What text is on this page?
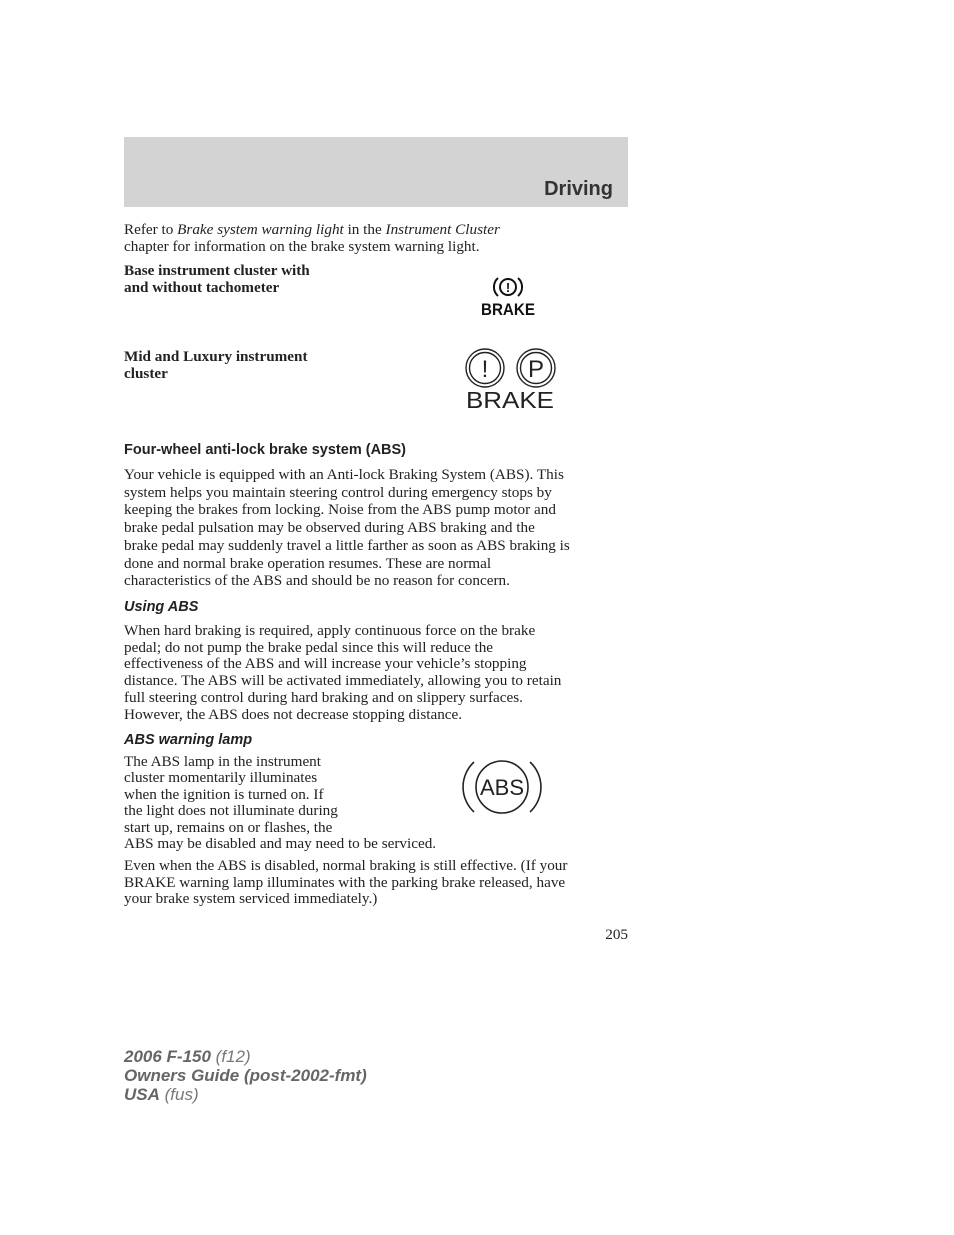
Driving

Refer to Brake system warning light in the Instrument Cluster

chapter for information on the brake system warning light.

Base instrument cluster with

and without tachometer	!
BRAKE

Mid and Luxury instrument

cluster	! P
BRAKE
Four-wheel anti-lock brake system (ABS)

Your vehicle is equipped with an Anti-lock Braking System (ABS). This

system helps you maintain steering control during emergency stops by

keeping the brakes from locking. Noise from the ABS pump motor and

brake pedal pulsation may be observed during ABS braking and the

brake pedal may suddenly travel a little farther as soon as ABS braking is

done and normal brake operation resumes. These are normal

characteristics of the ABS and should be no reason for concern.

Using ABS

When hard braking is required, apply continuous force on the brake

pedal; do not pump the brake pedal since this will reduce the

effectiveness of the ABS and will increase your vehicle’s stopping

distance. The ABS will be activated immediately, allowing you to retain

full steering control during hard braking and on slippery surfaces.

However, the ABS does not decrease stopping distance.

ABS warning lamp

The ABS lamp in the instrument

cluster momentarily illuminates

when the ignition is turned on. If

the light does not illuminate during

start up, remains on or flashes, the

ABS may be disabled and may need to be serviced.

ABS

Even when the ABS is disabled, normal braking is still effective. (If your

BRAKE warning lamp illuminates with the parking brake released, have

your brake system serviced immediately.)

205
2006 F-150 (f12)
Owners Guide (post-2002-fmt)
USA (fus)
